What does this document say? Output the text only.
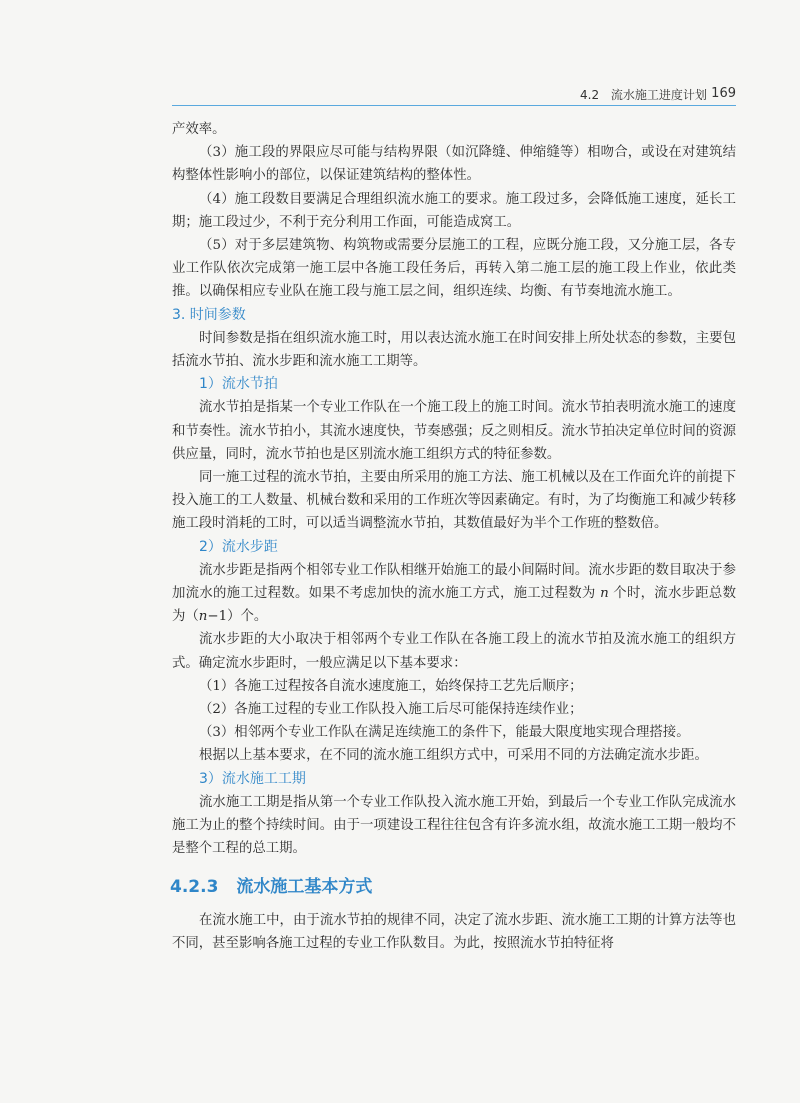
4.2 流水施工进度计划 169

产效率。

（3）施工段的界限应尽可能与结构界限（如沉降缝、伸缩缝等）相吻合，或设在对建筑结构整体性影响小的部位，以保证建筑结构的整体性。

（4）施工段数目要满足合理组织流水施工的要求。施工段过多，会降低施工速度，延长工期；施工段过少，不利于充分利用工作面，可能造成窝工。

（5）对于多层建筑物、构筑物或需要分层施工的工程，应既分施工段，又分施工层，各专业工作队依次完成第一施工层中各施工段任务后，再转入第二施工层的施工段上作业，依此类推。以确保相应专业队在施工段与施工层之间，组织连续、均衡、有节奏地流水施工。

3. 时间参数

时间参数是指在组织流水施工时，用以表达流水施工在时间安排上所处状态的参数，主要包括流水节拍、流水步距和流水施工工期等。

1）流水节拍

流水节拍是指某一个专业工作队在一个施工段上的施工时间。流水节拍表明流水施工的速度和节奏性。流水节拍小，其流水速度快，节奏感强；反之则相反。流水节拍决定单位时间的资源供应量，同时，流水节拍也是区别流水施工组织方式的特征参数。

同一施工过程的流水节拍，主要由所采用的施工方法、施工机械以及在工作面允许的前提下投入施工的工人数量、机械台数和采用的工作班次等因素确定。有时，为了均衡施工和减少转移施工段时消耗的工时，可以适当调整流水节拍，其数值最好为半个工作班的整数倍。

2）流水步距

流水步距是指两个相邻专业工作队相继开始施工的最小间隔时间。流水步距的数目取决于参加流水的施工过程数。如果不考虑加快的流水施工方式，施工过程数为 n 个时，流水步距总数为（n−1）个。

流水步距的大小取决于相邻两个专业工作队在各施工段上的流水节拍及流水施工的组织方式。确定流水步距时，一般应满足以下基本要求：

（1）各施工过程按各自流水速度施工，始终保持工艺先后顺序；

（2）各施工过程的专业工作队投入施工后尽可能保持连续作业；

（3）相邻两个专业工作队在满足连续施工的条件下，能最大限度地实现合理搭接。

根据以上基本要求，在不同的流水施工组织方式中，可采用不同的方法确定流水步距。

3）流水施工工期

流水施工工期是指从第一个专业工作队投入流水施工开始，到最后一个专业工作队完成流水施工为止的整个持续时间。由于一项建设工程往往包含有许多流水组，故流水施工工期一般均不是整个工程的总工期。

4.2.3 流水施工基本方式

在流水施工中，由于流水节拍的规律不同，决定了流水步距、流水施工工期的计算方法等也不同，甚至影响各施工过程的专业工作队数目。为此，按照流水节拍特征将
